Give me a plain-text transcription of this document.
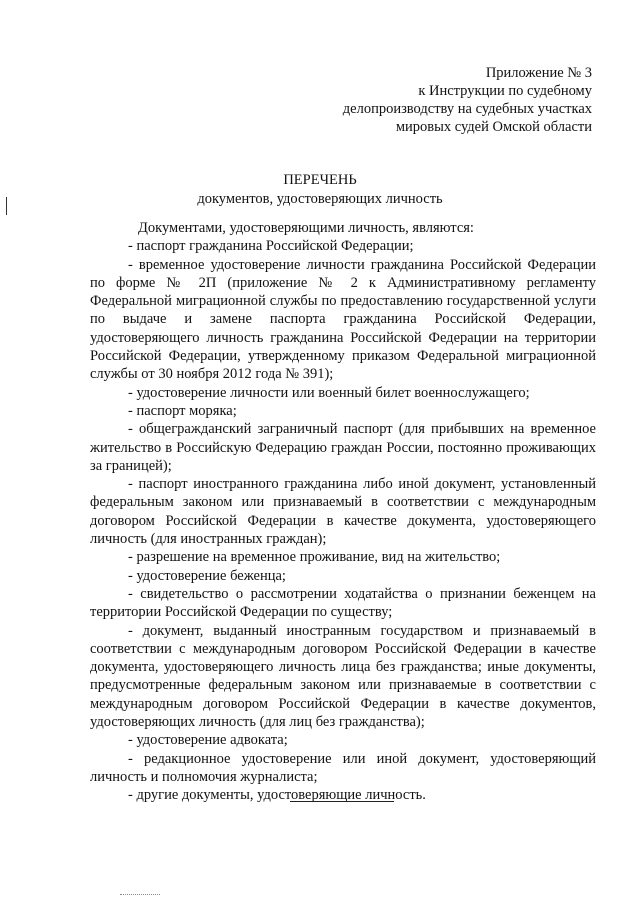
Приложение № 3
к Инструкции по судебному
делопроизводству на судебных участках
мировых судей Омской области
ПЕРЕЧЕНЬ
документов, удостоверяющих личность

Документами, удостоверяющими личность, являются:

- паспорт гражданина Российской Федерации;

- временное удостоверение личности гражданина Российской Федерации по форме № 2П (приложение № 2 к Административному регламенту Федеральной миграционной службы по предоставлению государственной услуги по выдаче и замене паспорта гражданина Российской Федерации, удостоверяющего личность гражданина Российской Федерации на территории Российской Федерации, утвержденному приказом Федеральной миграционной службы от 30 ноября 2012 года № 391);

- удостоверение личности или военный билет военнослужащего;

- паспорт моряка;

- общегражданский заграничный паспорт (для прибывших на временное жительство в Российскую Федерацию граждан России, постоянно проживающих за границей);

- паспорт иностранного гражданина либо иной документ, установленный федеральным законом или признаваемый в соответствии с международным договором Российской Федерации в качестве документа, удостоверяющего личность (для иностранных граждан);

- разрешение на временное проживание, вид на жительство;

- удостоверение беженца;

- свидетельство о рассмотрении ходатайства о признании беженцем на территории Российской Федерации по существу;

- документ, выданный иностранным государством и признаваемый в соответствии с международным договором Российской Федерации в качестве документа, удостоверяющего личность лица без гражданства; иные документы, предусмотренные федеральным законом или признаваемые в соответствии с международным договором Российской Федерации в качестве документов, удостоверяющих личность (для лиц без гражданства);

- удостоверение адвоката;

- редакционное удостоверение или иной документ, удостоверяющий личность и полномочия журналиста;

- другие документы, удостоверяющие личность.
